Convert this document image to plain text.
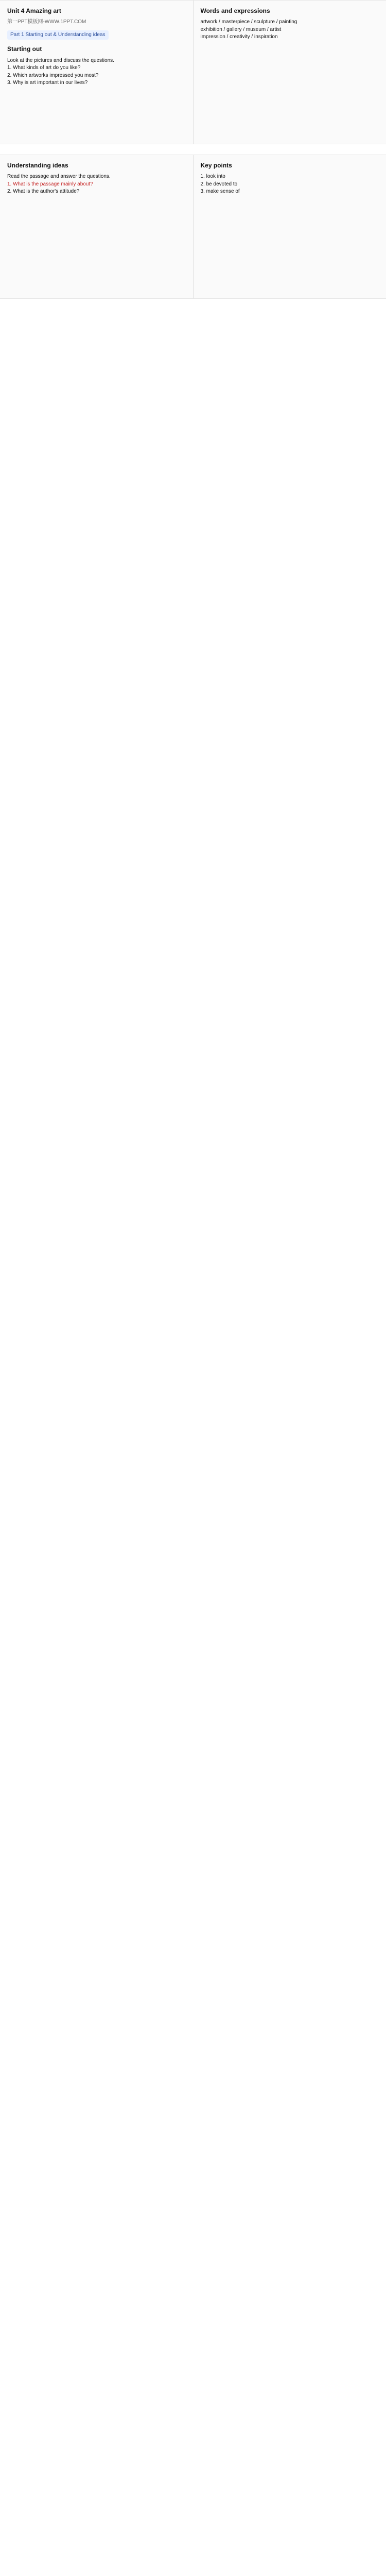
Unit 4 Amazing art
第一PPT模板网-WWW.1PPT.COM
Part 1 Starting out & Understanding ideas
Starting out
Look at the pictures and discuss the questions.
1. What kinds of art do you like?
2. Which artworks impressed you most?
3. Why is art important in our lives?
Words and expressions
artwork / masterpiece / sculpture / painting
exhibition / gallery / museum / artist
impression / creativity / inspiration
Understanding ideas
Read the passage and answer the questions.
1. What is the passage mainly about?
2. What is the author's attitude?
Key points
1. look into
2. be devoted to
3. make sense of
